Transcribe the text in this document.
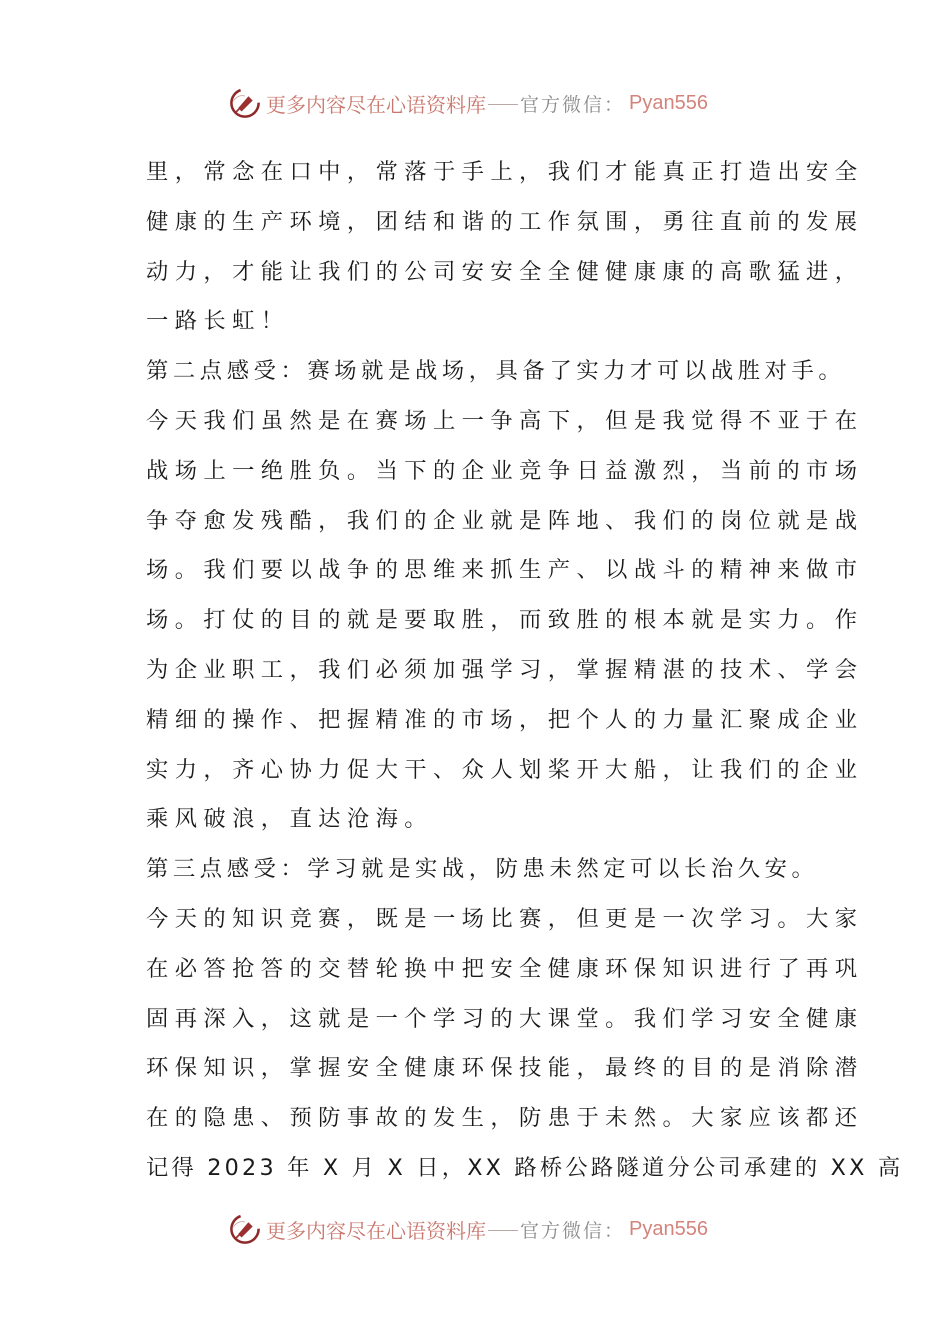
更多内容尽在心语资料库 官方微信： Pyan556
里，常念在口中，常落于手上，我们才能真正打造出安全
健康的生产环境，团结和谐的工作氛围，勇往直前的发展
动力，才能让我们的公司安安全全健健康康的高歌猛进，
一路长虹！
第二点感受：赛场就是战场，具备了实力才可以战胜对手。
今天我们虽然是在赛场上一争高下，但是我觉得不亚于在
战场上一绝胜负。当下的企业竞争日益激烈，当前的市场
争夺愈发残酷，我们的企业就是阵地、我们的岗位就是战
场。我们要以战争的思维来抓生产、以战斗的精神来做市
场。打仗的目的就是要取胜，而致胜的根本就是实力。作
为企业职工，我们必须加强学习，掌握精湛的技术、学会
精细的操作、把握精准的市场，把个人的力量汇聚成企业
实力，齐心协力促大干、众人划桨开大船，让我们的企业
乘风破浪，直达沧海。
第三点感受：学习就是实战，防患未然定可以长治久安。
今天的知识竞赛，既是一场比赛，但更是一次学习。大家
在必答抢答的交替轮换中把安全健康环保知识进行了再巩
固再深入，这就是一个学习的大课堂。我们学习安全健康
环保知识，掌握安全健康环保技能，最终的目的是消除潜
在的隐患、预防事故的发生，防患于未然。大家应该都还
记得 2023 年 X 月 X 日，XX 路桥公路隧道分公司承建的 XX 高
更多内容尽在心语资料库 官方微信： Pyan556
